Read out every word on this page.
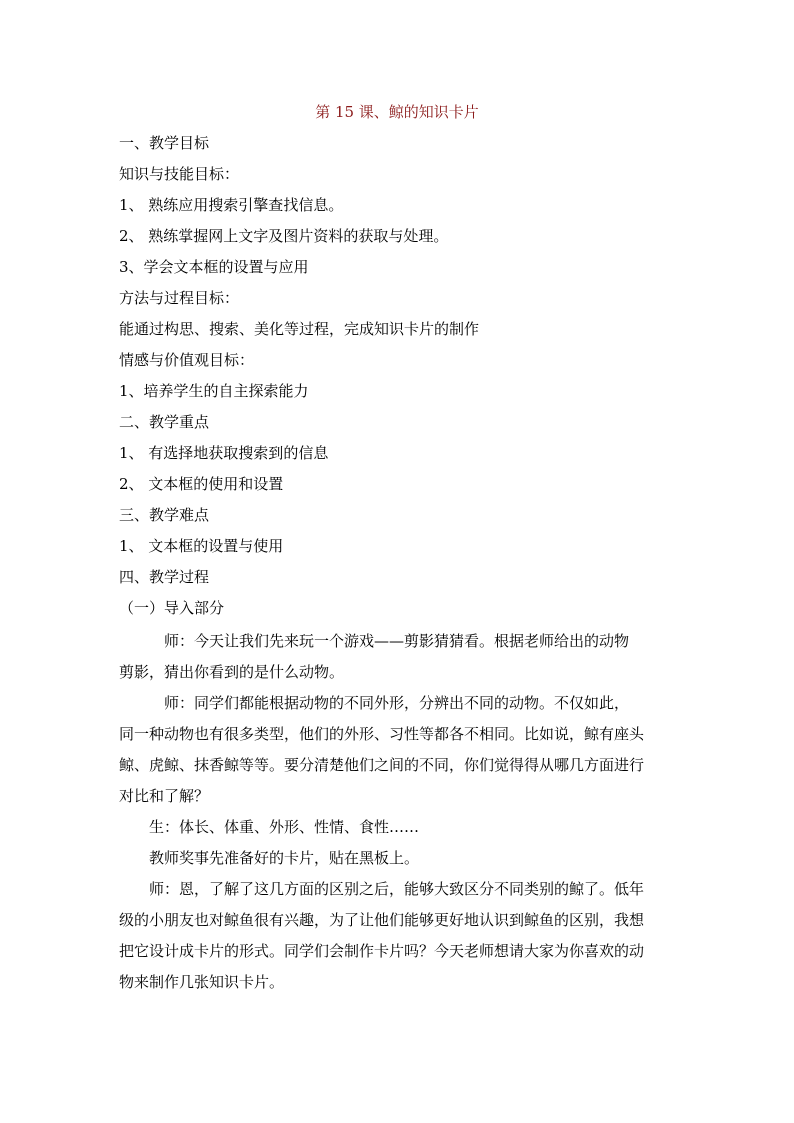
第 15 课、鲸的知识卡片
一、教学目标
知识与技能目标：
1、 熟练应用搜索引擎查找信息。
2、 熟练掌握网上文字及图片资料的获取与处理。
3、学会文本框的设置与应用
方法与过程目标：
能通过构思、搜索、美化等过程，完成知识卡片的制作
情感与价值观目标：
1、培养学生的自主探索能力
二、教学重点
1、 有选择地获取搜索到的信息
2、 文本框的使用和设置
三、教学难点
1、 文本框的设置与使用
四、教学过程
（一）导入部分
　　　师：今天让我们先来玩一个游戏——剪影猜猜看。根据老师给出的动物
剪影，猜出你看到的是什么动物。
　　　师：同学们都能根据动物的不同外形，分辨出不同的动物。不仅如此，
同一种动物也有很多类型，他们的外形、习性等都各不相同。比如说，鲸有座头
鲸、虎鲸、抹香鲸等等。要分清楚他们之间的不同，你们觉得得从哪几方面进行
对比和了解？
　　生：体长、体重、外形、性情、食性……
　　教师奖事先准备好的卡片，贴在黑板上。
　　师：恩，了解了这几方面的区别之后，能够大致区分不同类别的鲸了。低年
级的小朋友也对鲸鱼很有兴趣，为了让他们能够更好地认识到鲸鱼的区别，我想
把它设计成卡片的形式。同学们会制作卡片吗？今天老师想请大家为你喜欢的动
物来制作几张知识卡片。
